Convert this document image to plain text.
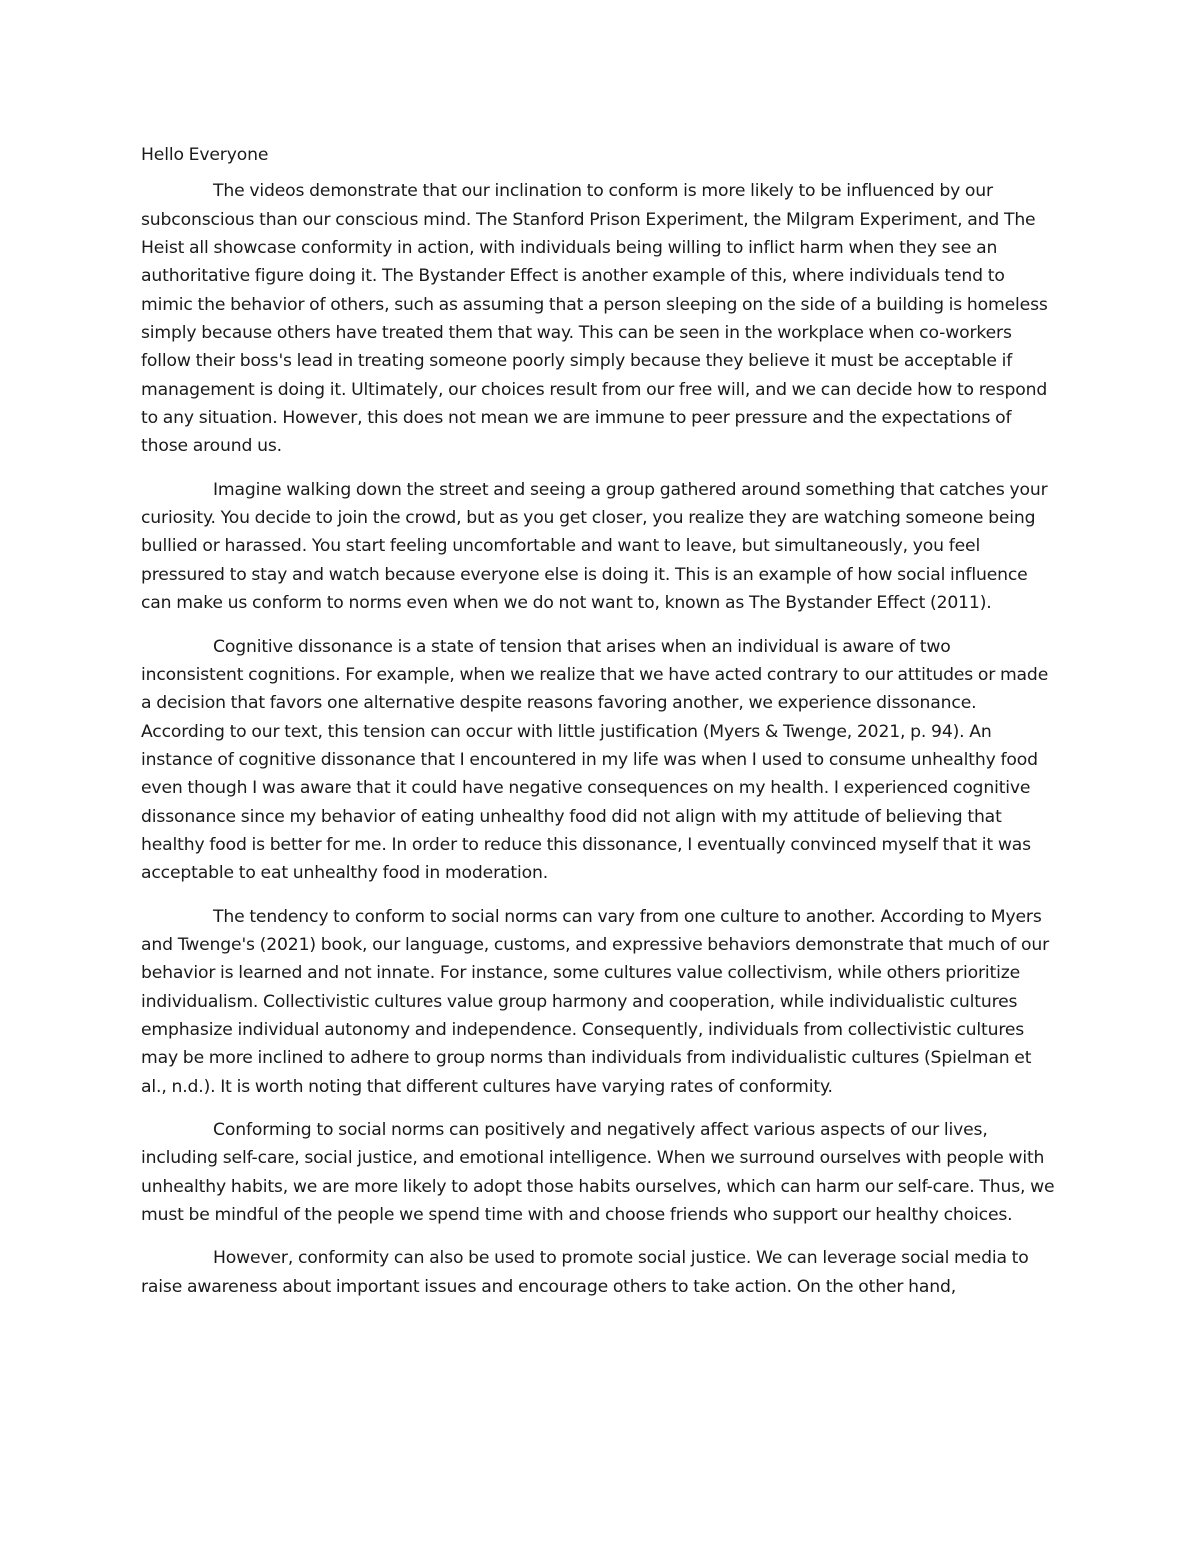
Hello Everyone

The videos demonstrate that our inclination to conform is more likely to be influenced by our subconscious than our conscious mind. The Stanford Prison Experiment, the Milgram Experiment, and The Heist all showcase conformity in action, with individuals being willing to inflict harm when they see an authoritative figure doing it. The Bystander Effect is another example of this, where individuals tend to mimic the behavior of others, such as assuming that a person sleeping on the side of a building is homeless simply because others have treated them that way. This can be seen in the workplace when co-workers follow their boss's lead in treating someone poorly simply because they believe it must be acceptable if management is doing it. Ultimately, our choices result from our free will, and we can decide how to respond to any situation. However, this does not mean we are immune to peer pressure and the expectations of those around us.

Imagine walking down the street and seeing a group gathered around something that catches your curiosity. You decide to join the crowd, but as you get closer, you realize they are watching someone being bullied or harassed. You start feeling uncomfortable and want to leave, but simultaneously, you feel pressured to stay and watch because everyone else is doing it. This is an example of how social influence can make us conform to norms even when we do not want to, known as The Bystander Effect (2011).

Cognitive dissonance is a state of tension that arises when an individual is aware of two inconsistent cognitions. For example, when we realize that we have acted contrary to our attitudes or made a decision that favors one alternative despite reasons favoring another, we experience dissonance. According to our text, this tension can occur with little justification (Myers & Twenge, 2021, p. 94). An instance of cognitive dissonance that I encountered in my life was when I used to consume unhealthy food even though I was aware that it could have negative consequences on my health. I experienced cognitive dissonance since my behavior of eating unhealthy food did not align with my attitude of believing that healthy food is better for me. In order to reduce this dissonance, I eventually convinced myself that it was acceptable to eat unhealthy food in moderation.

The tendency to conform to social norms can vary from one culture to another. According to Myers and Twenge's (2021) book, our language, customs, and expressive behaviors demonstrate that much of our behavior is learned and not innate. For instance, some cultures value collectivism, while others prioritize individualism. Collectivistic cultures value group harmony and cooperation, while individualistic cultures emphasize individual autonomy and independence. Consequently, individuals from collectivistic cultures may be more inclined to adhere to group norms than individuals from individualistic cultures (Spielman et al., n.d.). It is worth noting that different cultures have varying rates of conformity.

Conforming to social norms can positively and negatively affect various aspects of our lives, including self-care, social justice, and emotional intelligence. When we surround ourselves with people with unhealthy habits, we are more likely to adopt those habits ourselves, which can harm our self-care. Thus, we must be mindful of the people we spend time with and choose friends who support our healthy choices.

However, conformity can also be used to promote social justice. We can leverage social media to raise awareness about important issues and encourage others to take action. On the other hand,
